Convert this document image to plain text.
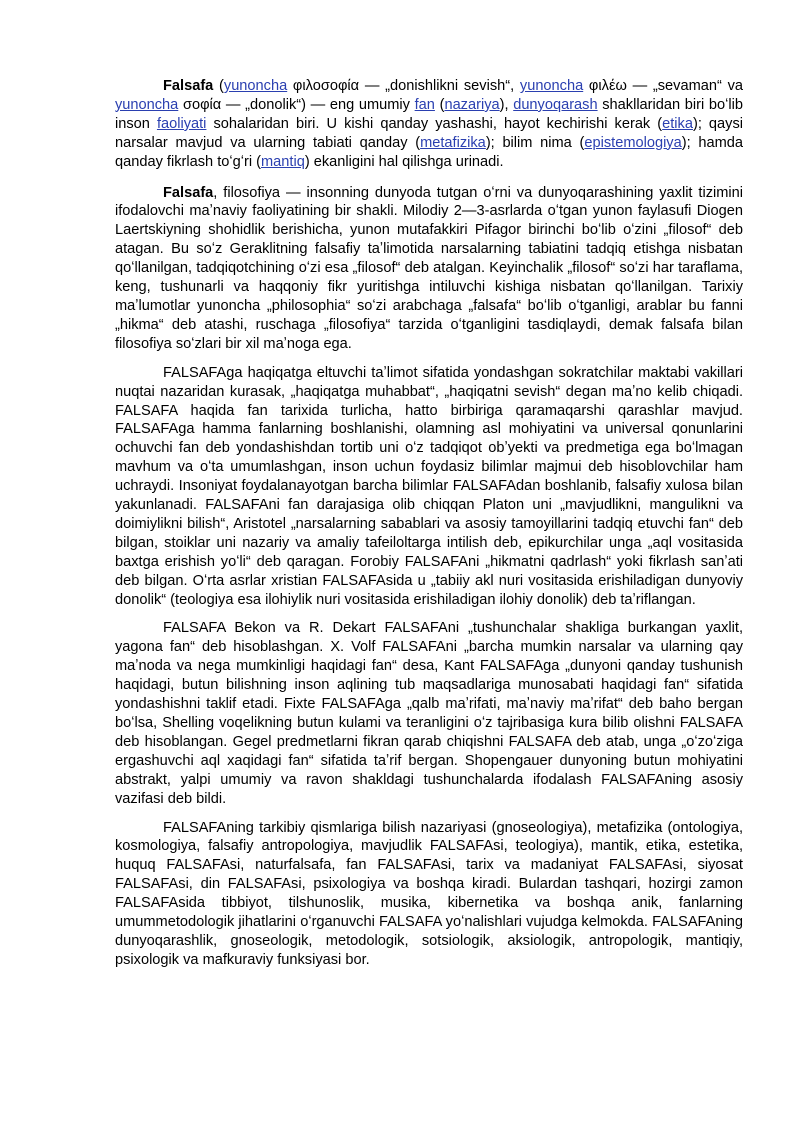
Falsafa (yunoncha φιλοσοφία — „donishlikni sevish“, yunoncha φιλέω — „sevaman“ va yunoncha σοφία — „donolik“) — eng umumiy fan (nazariya), dunyoqarash shakllaridan biri boʻlib inson faoliyati sohalaridan biri. U kishi qanday yashashi, hayot kechirishi kerak (etika); qaysi narsalar mavjud va ularning tabiati qanday (metafizika); bilim nima (epistemologiya); hamda qanday fikrlash toʻgʻri (mantiq) ekanligini hal qilishga urinadi.

Falsafa, filosofiya — insonning dunyoda tutgan oʻrni va dunyoqarashining yaxlit tizimini ifodalovchi maʼnaviy faoliyatining bir shakli. Milodiy 2—3-asrlarda oʻtgan yunon faylasufi Diogen Laertskiyning shohidlik berishicha, yunon mutafakkiri Pifagor birinchi boʻlib oʻzini „filosof“ deb atagan. Bu soʻz Geraklitning falsafiy taʼlimotida narsalarning tabiatini tadqiq etishga nisbatan qoʻllanilgan, tadqiqotchining oʻzi esa „filosof“ deb atalgan. Keyinchalik „filosof“ soʻzi har taraflama, keng, tushunarli va haqqoniy fikr yuritishga intiluvchi kishiga nisbatan qoʻllanilgan. Tarixiy maʼlumotlar yunoncha „philosophia“ soʻzi arabchaga „falsafa“ boʻlib oʻtganligi, arablar bu fanni „hikma“ deb atashi, ruschaga „filosofiya“ tarzida oʻtganligini tasdiqlaydi, demak falsafa bilan filosofiya soʻzlari bir xil maʼnoga ega.

FALSAFAga haqiqatga eltuvchi taʼlimot sifatida yondashgan sokratchilar maktabi vakillari nuqtai nazaridan kurasak, „haqiqatga muhabbat“, „haqiqatni sevish“ degan maʼno kelib chiqadi. FALSAFA haqida fan tarixida turlicha, hatto birbiriga qaramaqarshi qarashlar mavjud. FALSAFAga hamma fanlarning boshlanishi, olamning asl mohiyatini va universal qonunlarini ochuvchi fan deb yondashishdan tortib uni oʻz tadqiqot obʼyekti va predmetiga ega boʻlmagan mavhum va oʻta umumlashgan, inson uchun foydasiz bilimlar majmui deb hisoblovchilar ham uchraydi. Insoniyat foydalanayotgan barcha bilimlar FALSAFAdan boshlanib, falsafiy xulosa bilan yakunlanadi. FALSAFAni fan darajasiga olib chiqqan Platon uni „mavjudlikni, mangulikni va doimiylikni bilish“, Aristotel „narsalarning sabablari va asosiy tamoyillarini tadqiq etuvchi fan“ deb bilgan, stoiklar uni nazariy va amaliy tafeiloltarga intilish deb, epikurchilar unga „aql vositasida baxtga erishish yoʻli“ deb qaragan. Forobiy FALSAFAni „hikmatni qadrlash“ yoki fikrlash sanʼati deb bilgan. Oʻrta asrlar xristian FALSAFAsida u „tabiiy akl nuri vositasida erishiladigan dunyoviy donolik“ (teologiya esa ilohiylik nuri vositasida erishiladigan ilohiy donolik) deb taʼriflangan.

FALSAFA Bekon va R. Dekart FALSAFAni „tushunchalar shakliga burkangan yaxlit, yagona fan“ deb hisoblashgan. X. Volf FALSAFAni „barcha mumkin narsalar va ularning qay maʼnoda va nega mumkinligi haqidagi fan“ desa, Kant FALSAFAga „dunyoni qanday tushunish haqidagi, butun bilishning inson aqlining tub maqsadlariga munosabati haqidagi fan“ sifatida yondashishni taklif etadi. Fixte FALSAFAga „qalb maʼrifati, maʼnaviy maʼrifat“ deb baho bergan boʻlsa, Shelling voqelikning butun kulami va teranligini oʻz tajribasiga kura bilib olishni FALSAFA deb hisoblangan. Gegel predmetlarni fikran qarab chiqishni FALSAFA deb atab, unga „oʻzoʻziga ergashuvchi aql xaqidagi fan“ sifatida taʼrif bergan. Shopengauer dunyoning butun mohiyatini abstrakt, yalpi umumiy va ravon shakldagi tushunchalarda ifodalash FALSAFAning asosiy vazifasi deb bildi.

FALSAFAning tarkibiy qismlariga bilish nazariyasi (gnoseologiya), metafizika (ontologiya, kosmologiya, falsafiy antropologiya, mavjudlik FALSAFAsi, teologiya), mantik, etika, estetika, huquq FALSAFAsi, naturfalsafa, fan FALSAFAsi, tarix va madaniyat FALSAFAsi, siyosat FALSAFAsi, din FALSAFAsi, psixologiya va boshqa kiradi. Bulardan tashqari, hozirgi zamon FALSAFAsida tibbiyot, tilshunoslik, musika, kibernetika va boshqa anik, fanlarning umummetodologik jihatlarini oʻrganuvchi FALSAFA yoʻnalishlari vujudga kelmokda. FALSAFAning dunyoqarashlik, gnoseologik, metodologik, sotsiologik, aksiologik, antropologik, mantiqiy, psixologik va mafkuraviy funksiyasi bor.
